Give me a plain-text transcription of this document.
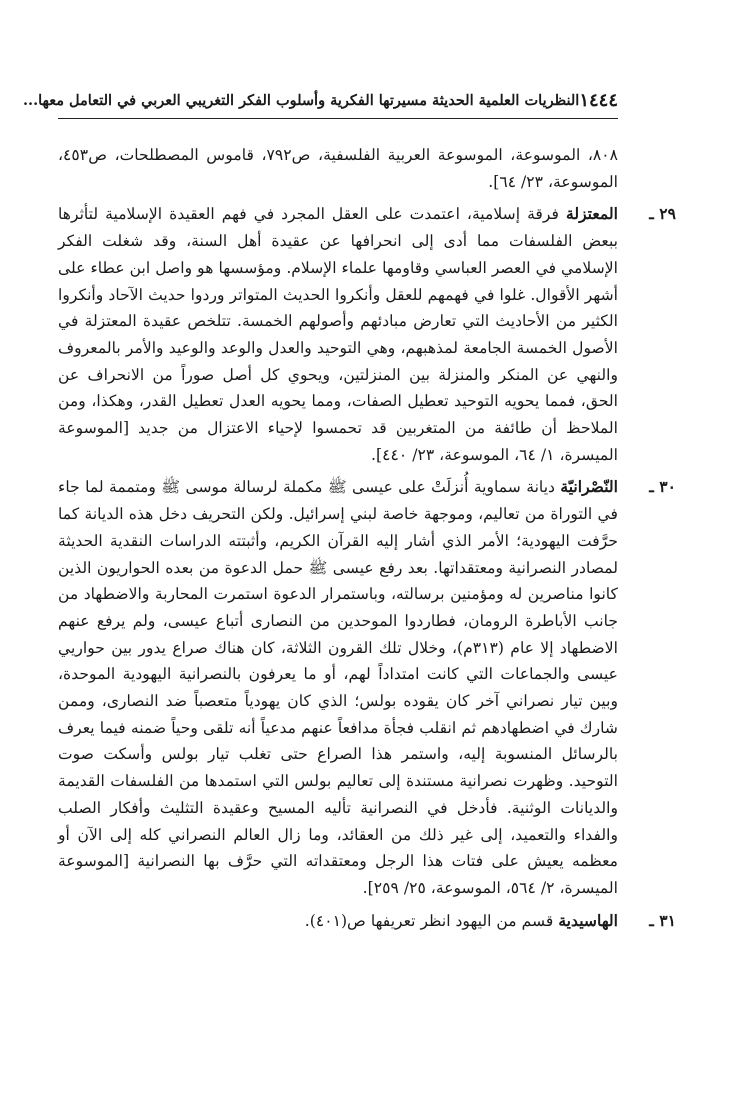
١٤٤٤
النظريات العلمية الحديثة مسيرتها الفكرية وأسلوب الفكر التغريبي العربي في التعامل معها...

٨٠٨، الموسوعة، الموسوعة العربية الفلسفية، ص٧٩٢، قاموس المصطلحات، ص٤٥٣، الموسوعة، ٢٣/ ٦٤].

٢٩ ـ
المعتزلة فرقة إسلامية، اعتمدت على العقل المجرد في فهم العقيدة الإسلامية لتأثرها ببعض الفلسفات مما أدى إلى انحرافها عن عقيدة أهل السنة، وقد شغلت الفكر الإسلامي في العصر العباسي وقاومها علماء الإسلام. ومؤسسها هو واصل ابن عطاء على أشهر الأقوال. غلوا في فهمهم للعقل وأنكروا الحديث المتواتر وردوا حديث الآحاد وأنكروا الكثير من الأحاديث التي تعارض مبادئهم وأصولهم الخمسة. تتلخص عقيدة المعتزلة في الأصول الخمسة الجامعة لمذهبهم، وهي التوحيد والعدل والوعد والوعيد والأمر بالمعروف والنهي عن المنكر والمنزلة بين المنزلتين، ويحوي كل أصل صوراً من الانحراف عن الحق، فمما يحويه التوحيد تعطيل الصفات، ومما يحويه العدل تعطيل القدر، وهكذا، ومن الملاحظ أن طائفة من المتغربين قد تحمسوا لإحياء الاعتزال من جديد [الموسوعة الميسرة، ١/ ٦٤، الموسوعة، ٢٣/ ٤٤٠].

٣٠ ـ
النّصْرانيّة ديانة سماوية أُنزلَتْ على عيسى ﷺ مكملة لرسالة موسى ﷺ ومتممة لما جاء في التوراة من تعاليم، وموجهة خاصة لبني إسرائيل. ولكن التحريف دخل هذه الديانة كما حرَّفت اليهودية؛ الأمر الذي أشار إليه القرآن الكريم، وأثبتته الدراسات النقدية الحديثة لمصادر النصرانية ومعتقداتها. بعد رفع عيسى ﷺ حمل الدعوة من بعده الحواريون الذين كانوا مناصرين له ومؤمنين برسالته، وباستمرار الدعوة استمرت المحاربة والاضطهاد من جانب الأباطرة الرومان، فطاردوا الموحدين من النصارى أتباع عيسى، ولم يرفع عنهم الاضطهاد إلا عام (٣١٣م)، وخلال تلك القرون الثلاثة، كان هناك صراع يدور بين حواريي عيسى والجماعات التي كانت امتداداً لهم، أو ما يعرفون بالنصرانية اليهودية الموحدة، وبين تيار نصراني آخر كان يقوده بولس؛ الذي كان يهودياً متعصباً ضد النصارى، وممن شارك في اضطهادهم ثم انقلب فجأة مدافعاً عنهم مدعياً أنه تلقى وحياً ضمنه فيما يعرف بالرسائل المنسوبة إليه، واستمر هذا الصراع حتى تغلب تيار بولس وأسكت صوت التوحيد. وظهرت نصرانية مستندة إلى تعاليم بولس التي استمدها من الفلسفات القديمة والديانات الوثنية. فأدخل في النصرانية تأليه المسيح وعقيدة التثليث وأفكار الصلب والفداء والتعميد، إلى غير ذلك من العقائد، وما زال العالم النصراني كله إلى الآن أو معظمه يعيش على فتات هذا الرجل ومعتقداته التي حرَّف بها النصرانية [الموسوعة الميسرة، ٢/ ٥٦٤، الموسوعة، ٢٥/ ٢٥٩].

٣١ ـ
الهاسيدية قسم من اليهود انظر تعريفها ص(٤٠١).
